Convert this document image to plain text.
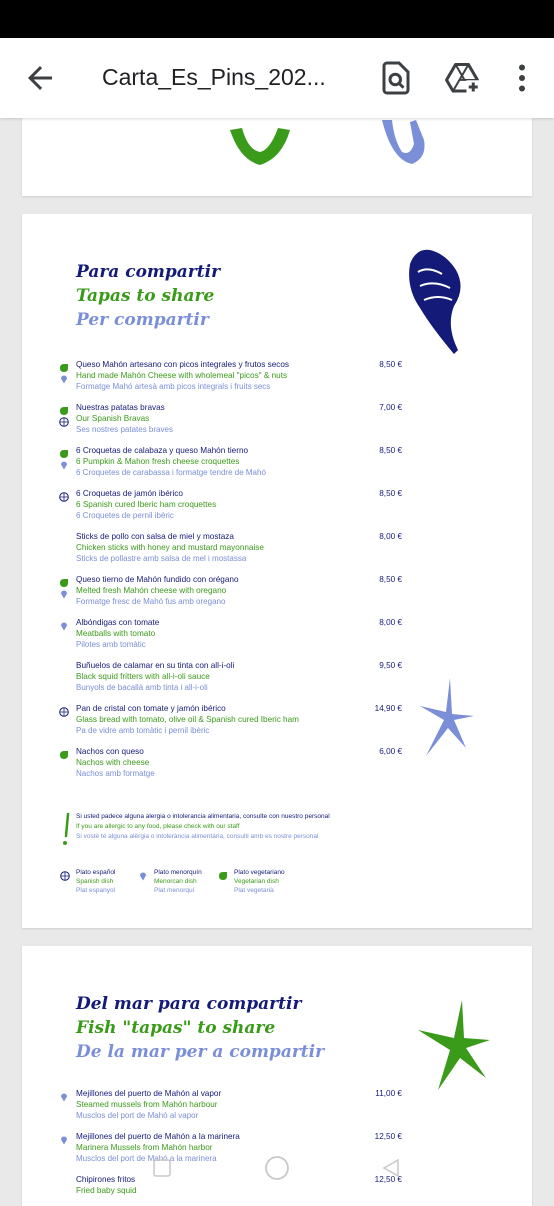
Carta_Es_Pins_202...
Para compartir
Tapas to share
Per compartir
Queso Mahón artesano con picos integrales y frutos secos
Hand made Mahón Cheese with wholemeal "picos" & nuts
Formatge Mahó artesà amb picos integrals i fruits secs
8,50 €
Nuestras patatas bravas
Our Spanish Bravas
Ses nostres patates braves
7,00 €
6 Croquetas de calabaza y queso Mahón tierno
6 Pumpkin & Mahon fresh cheese croquettes
6 Croquetes de carabassa i formatge tendre de Mahó
8,50 €
6 Croquetas de jamón ibérico
6 Spanish cured Iberic ham croquettes
6 Croquetes de pernil ibèric
8,50 €
Sticks de pollo con salsa de miel y mostaza
Chicken sticks with honey and mustard mayonnaise
Sticks de pollastre amb salsa de mel i mostassa
8,00 €
Queso tierno de Mahón fundido con orégano
Melted fresh Mahón cheese with oregano
Formatge fresc de Mahó fus amb oregano
8,50 €
Albóndigas con tomate
Meatballs with tomato
Pilotes amb tomàtic
8,00 €
Buñuelos de calamar en su tinta con all-i-oli
Black squid fritters with all-i-oli sauce
Bunyols de bacallà amb tinta i all-i-oli
9,50 €
Pan de cristal con tomate y jamón ibérico
Glass bread with tomato, olive oil & Spanish cured Iberic ham
Pa de vidre amb tomàtic i pernil ibèric
14,90 €
Nachos con queso
Nachos with cheese
Nachos amb formatge
6,00 €
Si usted padece alguna alergia o intolerancia alimentaria, consulte con nuestro personal
If you are allergic to any food, please check with our staff
Si vostè té alguna alèrgia o intolerància alimentària, consulti amb es nostre personal
Plato español
Spanish dish
Plat espanyol
Plato menorquín
Menorcan dish
Plat menorquí
Plato vegetariano
Vegetarian dish
Plat vegetarià
Del mar para compartir
Fish "tapas" to share
De la mar per a compartir
Mejillones del puerto de Mahón al vapor
Steamed mussels from Mahón harbour
Musclos del port de Mahó al vapor
11,00 €
Mejillones del puerto de Mahón a la marinera
Marinera Mussels from Mahón harbor
Musclos del port de Mahó a la marinera
12,50 €
Chipirones fritos
Fried baby squid
12,50 €
